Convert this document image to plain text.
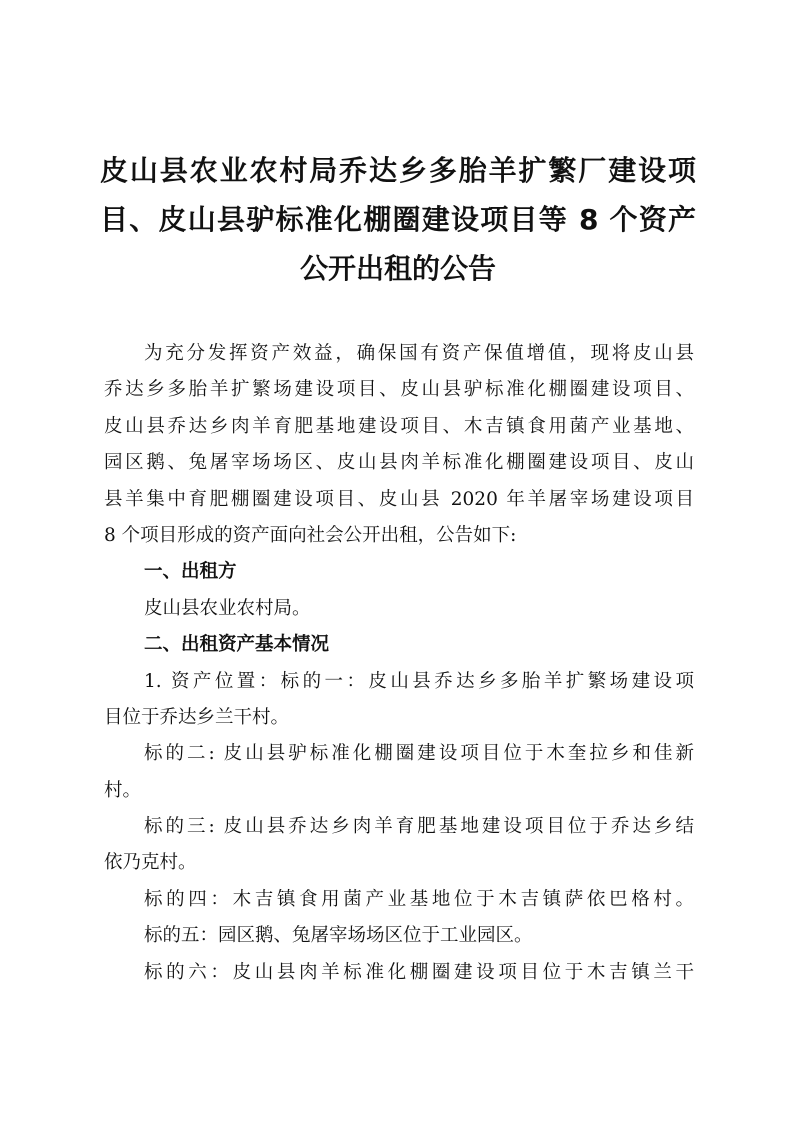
皮山县农业农村局乔达乡多胎羊扩繁厂建设项
目、皮山县驴标准化棚圈建设项目等 8 个资产
公开出租的公告
为充分发挥资产效益，确保国有资产保值增值，现将皮山县
乔达乡多胎羊扩繁场建设项目、皮山县驴标准化棚圈建设项目、
皮山县乔达乡肉羊育肥基地建设项目、木吉镇食用菌产业基地、
园区鹅、兔屠宰场场区、皮山县肉羊标准化棚圈建设项目、皮山
县羊集中育肥棚圈建设项目、皮山县 2020 年羊屠宰场建设项目
8 个项目形成的资产面向社会公开出租，公告如下:
一、出租方
皮山县农业农村局。
二、出租资产基本情况
1. 资产位置：标的一：皮山县乔达乡多胎羊扩繁场建设项
目位于乔达乡兰干村。
标的二: 皮山县驴标准化棚圈建设项目位于木奎拉乡和佳新
村。
标的三: 皮山县乔达乡肉羊育肥基地建设项目位于乔达乡结
依乃克村。
标的四：木吉镇食用菌产业基地位于木吉镇萨依巴格村。
标的五：园区鹅、兔屠宰场场区位于工业园区。
标的六：皮山县肉羊标准化棚圈建设项目位于木吉镇兰干
